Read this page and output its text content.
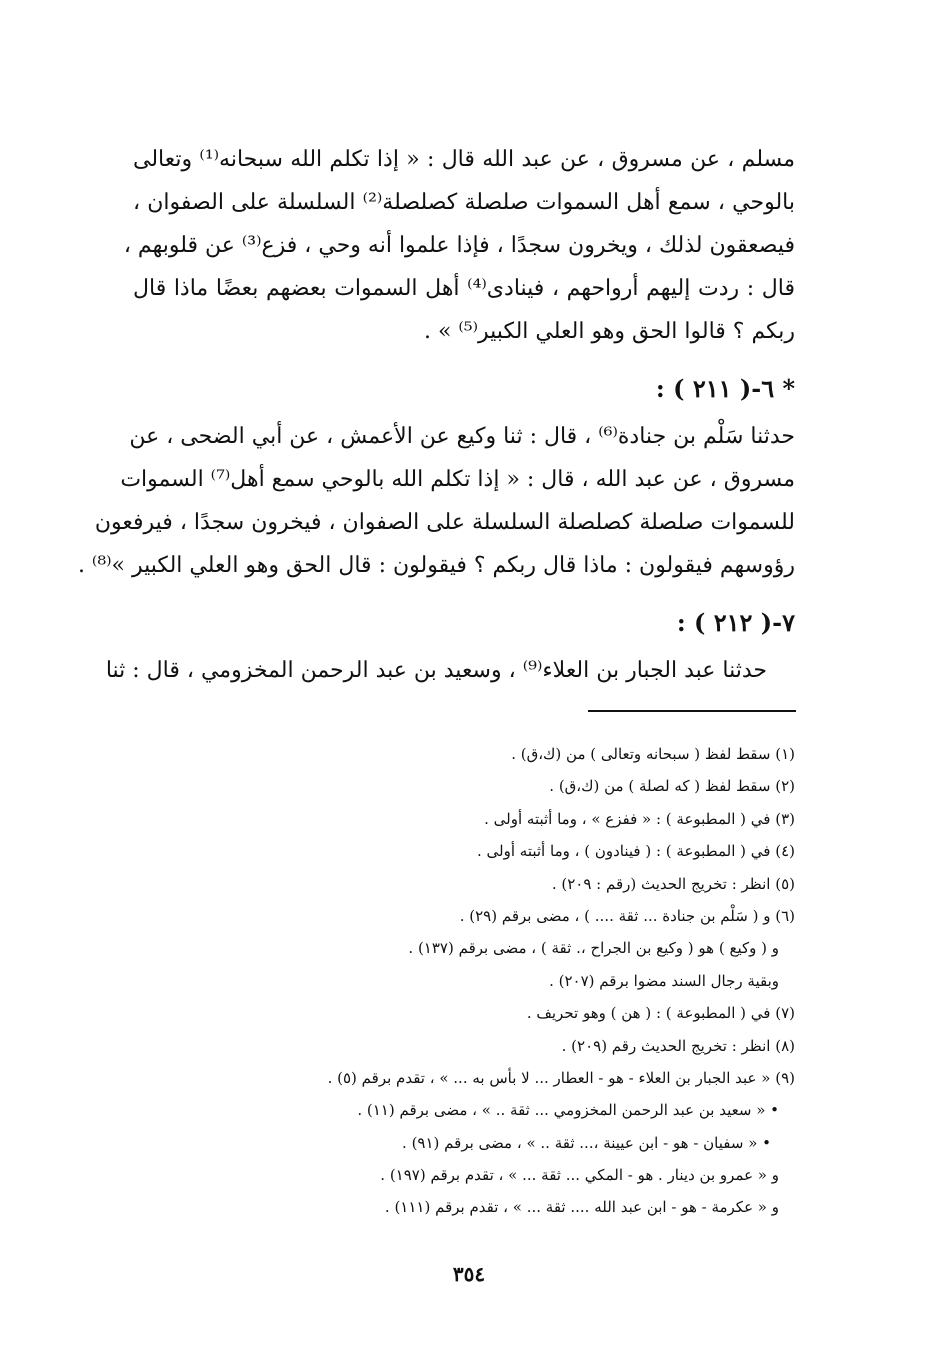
مسلم ، عن مسروق ، عن عبد الله قال : « إذا تكلم الله سبحانه⁽¹⁾ وتعالى
بالوحي ، سمع أهل السموات صلصلة كصلصلة⁽²⁾ السلسلة على الصفوان ،
فيصعقون لذلك ، ويخرون سجدًا ، فإذا علموا أنه وحي ، فزع⁽³⁾ عن قلوبهم ،
قال : ردت إليهم أرواحهم ، فينادى⁽⁴⁾ أهل السموات بعضهم بعضًا ماذا قال
ربكم ؟ قالوا الحق وهو العلي الكبير⁽⁵⁾ » .
* ٦-( ٢١١ ) :
حدثنا سَلْم بن جنادة⁽⁶⁾ ، قال : ثنا وكيع عن الأعمش ، عن أبي الضحى ، عن
مسروق ، عن عبد الله ، قال : « إذا تكلم الله بالوحي سمع أهل⁽⁷⁾ السموات
للسموات صلصلة كصلصلة السلسلة على الصفوان ، فيخرون سجدًا ، فيرفعون
رؤوسهم فيقولون : ماذا قال ربكم ؟ فيقولون : قال الحق وهو العلي الكبير »⁽⁸⁾ .
٧-( ٢١٢ ) :
حدثنا عبد الجبار بن العلاء⁽⁹⁾ ، وسعيد بن عبد الرحمن المخزومي ، قال : ثنا
(١) سقط لفظ ( سبحانه وتعالى ) من (ك،ق) .
(٢) سقط لفظ ( كه لصلة ) من (ك،ق) .
(٣) في ( المطبوعة ) : « ففزع » ، وما أثبته أولى .
(٤) في ( المطبوعة ) : ( فينادون ) ، وما أثبته أولى .
(٥) انظر : تخريج الحديث (رقم : ٢٠٩) .
(٦) و ( سَلْم بن جنادة ... ثقة .... ) ، مضى برقم (٢٩) .
و ( وكيع ) هو ( وكيع بن الجراح ،. ثقة ) ، مضى برقم (١٣٧) .
وبقية رجال السند مضوا برقم (٢٠٧) .
(٧) في ( المطبوعة ) : ( هن ) وهو تحريف .
(٨) انظر : تخريج الحديث رقم (٢٠٩) .
(٩) « عبد الجبار بن العلاء - هو - العطار ... لا بأس به ... » ، تقدم برقم (٥) .
• « سعيد بن عبد الرحمن المخزومي ... ثقة .. » ، مضى برقم (١١) .
• « سفيان - هو - ابن عيينة ،... ثقة .. » ، مضى برقم (٩١) .
و « عمرو بن دينار . هو - المكي ... ثقة ... » ، تقدم برقم (١٩٧) .
و « عكرمة - هو - ابن عبد الله .... ثقة ... » ، تقدم برقم (١١١) .
٣٥٤
